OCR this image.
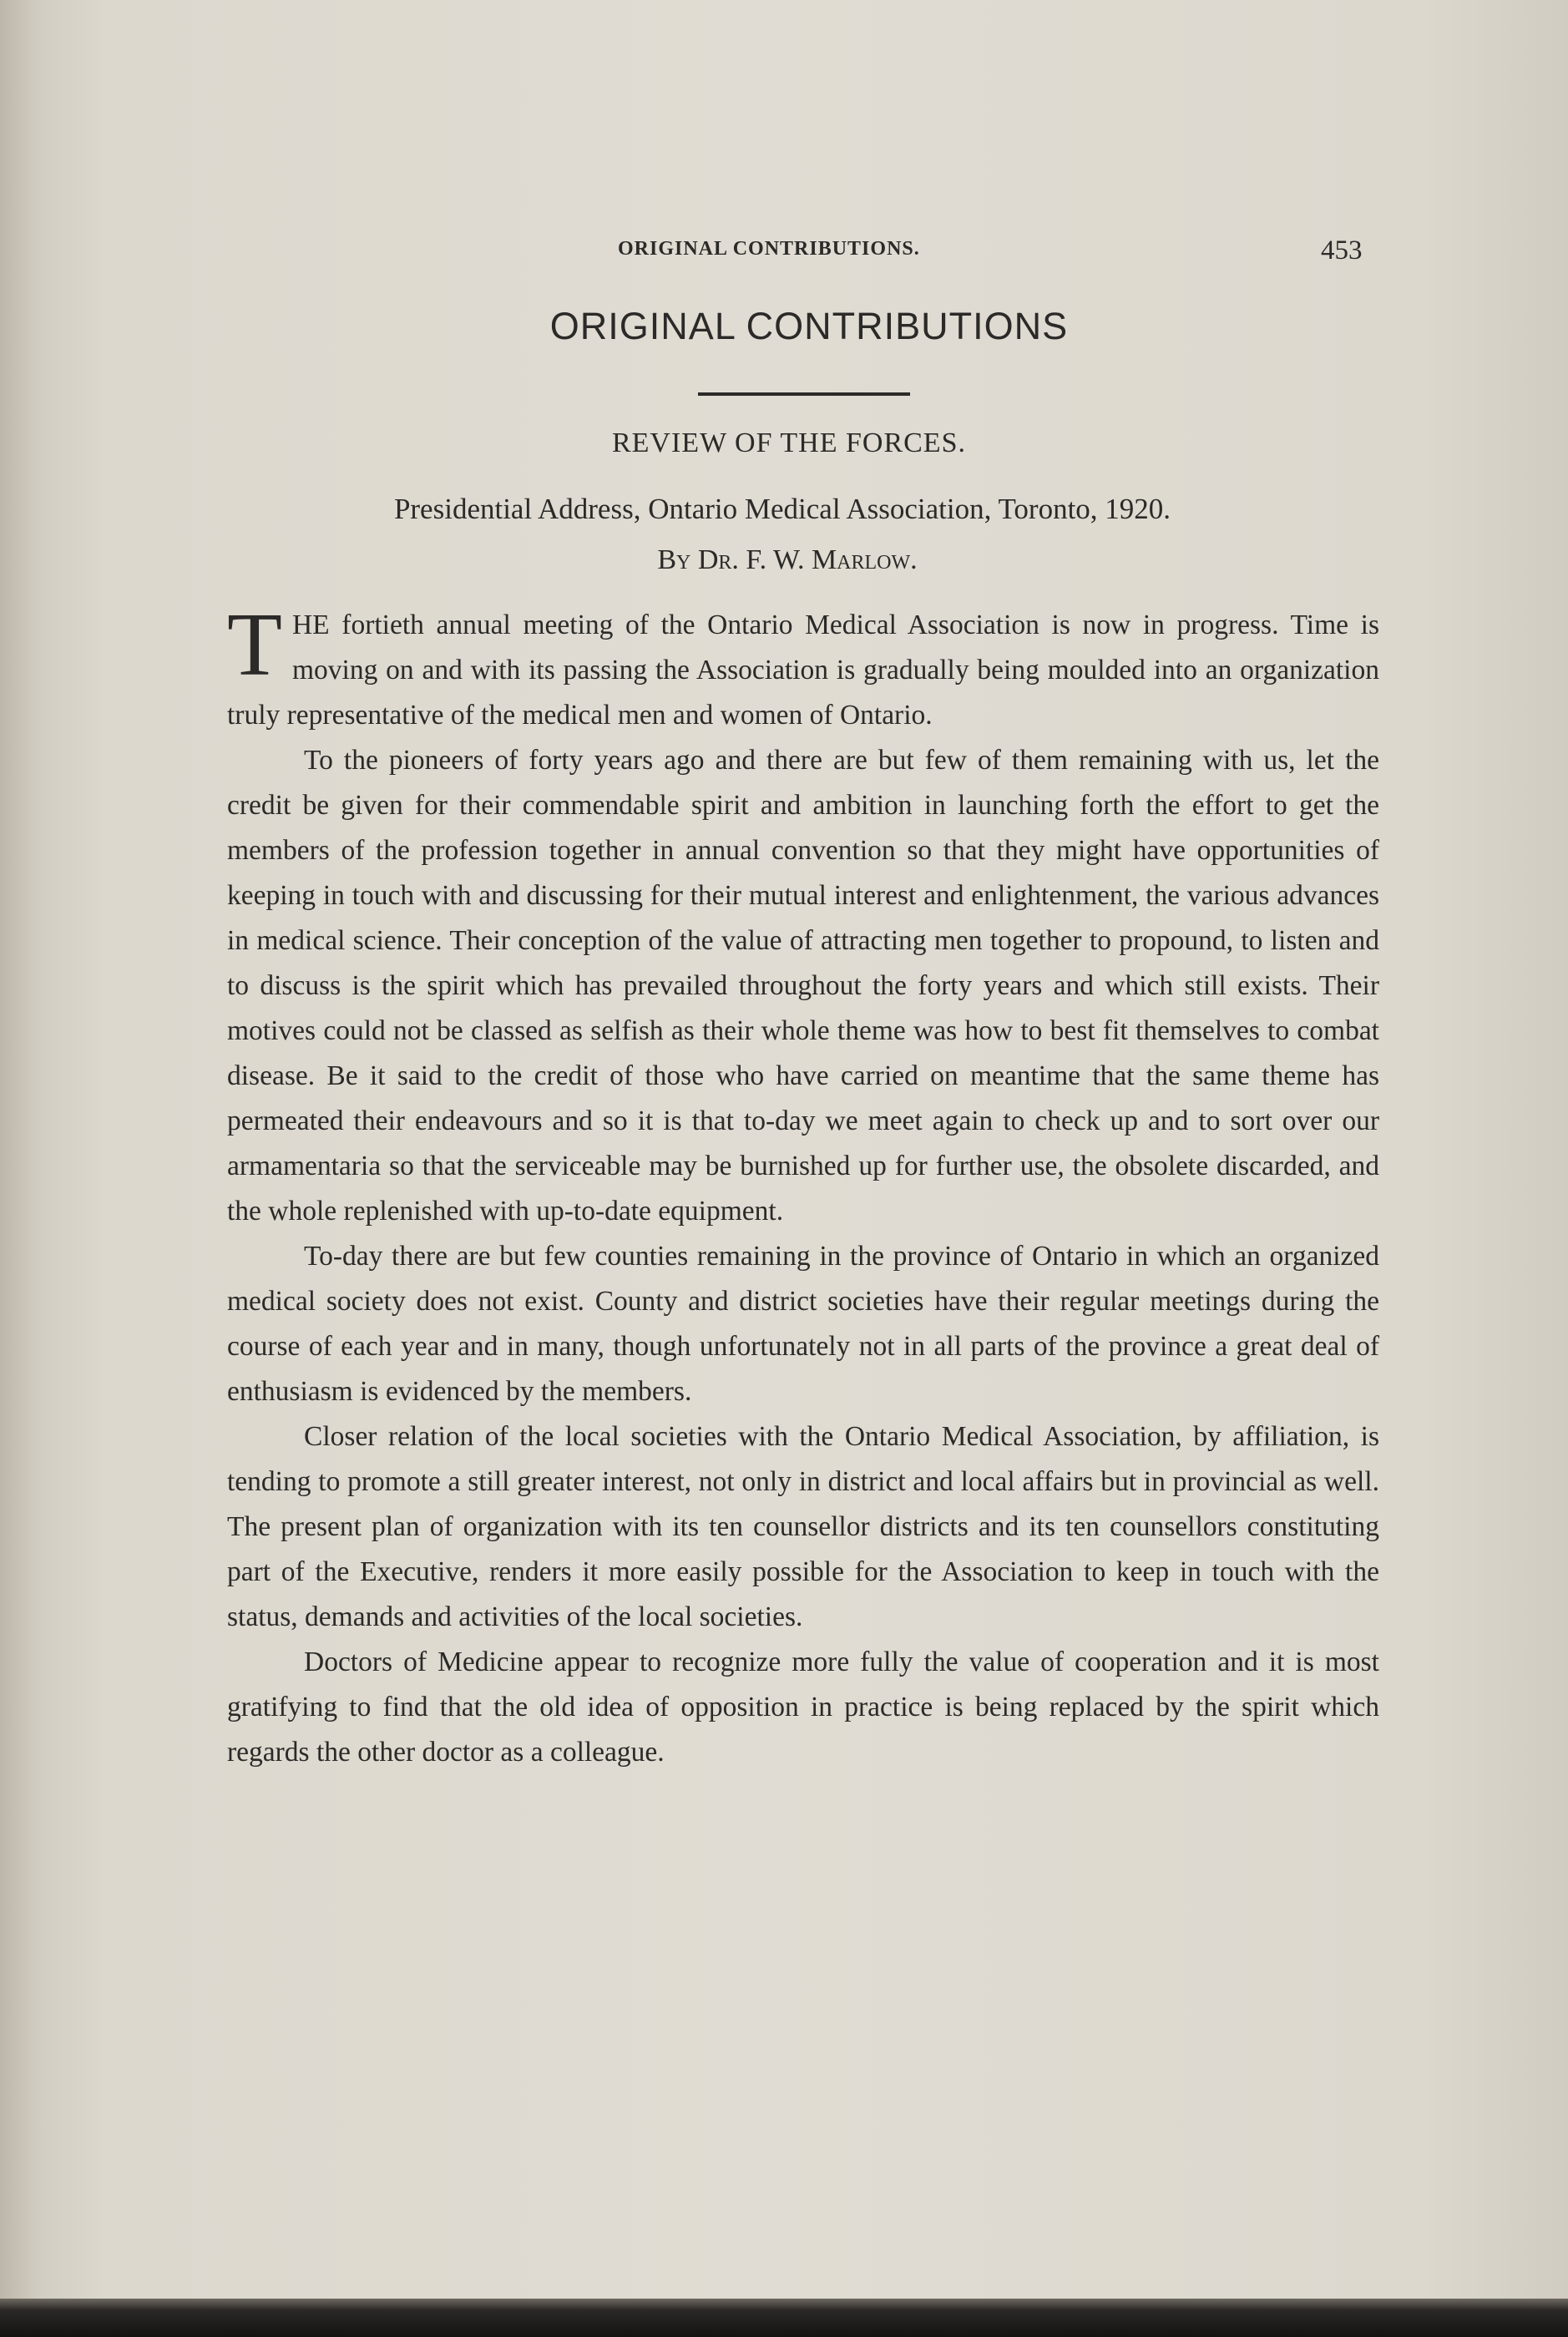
ORIGINAL CONTRIBUTIONS.	453
ORIGINAL CONTRIBUTIONS
REVIEW OF THE FORCES.
Presidential Address, Ontario Medical Association, Toronto, 1920.
By Dr. F. W. Marlow.

THE fortieth annual meeting of the Ontario Medical Association is now in progress. Time is moving on and with its passing the Association is gradually being moulded into an organization truly representative of the medical men and women of Ontario.

To the pioneers of forty years ago and there are but few of them remaining with us, let the credit be given for their commendable spirit and ambition in launching forth the effort to get the members of the profession together in annual convention so that they might have opportunities of keeping in touch with and discussing for their mutual interest and enlightenment, the various advances in medical science. Their conception of the value of attracting men together to propound, to listen and to discuss is the spirit which has prevailed throughout the forty years and which still exists. Their motives could not be classed as selfish as their whole theme was how to best fit themselves to combat disease. Be it said to the credit of those who have carried on meantime that the same theme has permeated their endeavours and so it is that to-day we meet again to check up and to sort over our armamentaria so that the serviceable may be burnished up for further use, the obsolete discarded, and the whole replenished with up-to-date equipment.

To-day there are but few counties remaining in the province of Ontario in which an organized medical society does not exist. County and district societies have their regular meetings during the course of each year and in many, though unfortunately not in all parts of the province a great deal of enthusiasm is evidenced by the members.

Closer relation of the local societies with the Ontario Medical Association, by affiliation, is tending to promote a still greater interest, not only in district and local affairs but in provincial as well. The present plan of organization with its ten counsellor districts and its ten counsellors constituting part of the Executive, renders it more easily possible for the Association to keep in touch with the status, demands and activities of the local societies.

Doctors of Medicine appear to recognize more fully the value of cooperation and it is most gratifying to find that the old idea of opposition in practice is being replaced by the spirit which regards the other doctor as a colleague.
